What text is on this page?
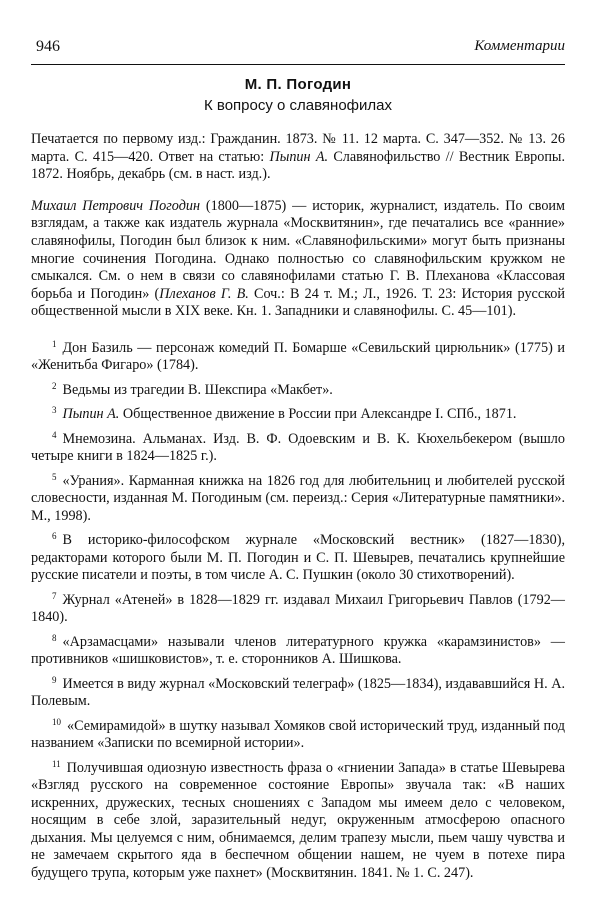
946	Комментарии
М. П. Погодин
К вопросу о славянофилах
Печатается по первому изд.: Гражданин. 1873. № 11. 12 марта. С. 347—352. № 13. 26 марта. С. 415—420. Ответ на статью: Пыпин А. Славянофильство // Вестник Европы. 1872. Ноябрь, декабрь (см. в наст. изд.).
Михаил Петрович Погодин (1800—1875) — историк, журналист, издатель. По своим взглядам, а также как издатель журнала «Москвитянин», где печатались все «ранние» славянофилы, Погодин был близок к ним. «Славянофильскими» могут быть признаны многие сочинения Погодина. Однако полностью со славянофильским кружком не смыкался. См. о нем в связи со славянофилами статью Г. В. Плеханова «Классовая борьба и Погодин» (Плеханов Г. В. Соч.: В 24 т. М.; Л., 1926. Т. 23: История русской общественной мысли в XIX веке. Кн. 1. Западники и славянофилы. С. 45—101).
$^1$ Дон Базиль — персонаж комедий П. Бомарше «Севильский цирюльник» (1775) и «Женитьба Фигаро» (1784).
$^2$ Ведьмы из трагедии В. Шекспира «Макбет».
$^3$ Пыпин А. Общественное движение в России при Александре I. СПб., 1871.
$^4$ Мнемозина. Альманах. Изд. В. Ф. Одоевским и В. К. Кюхельбекером (вышло четыре книги в 1824—1825 г.).
$^5$ «Урания». Карманная книжка на 1826 год для любительниц и любителей русской словесности, изданная М. Погодиным (см. переизд.: Серия «Литературные памятники». М., 1998).
$^6$ В историко-философском журнале «Московский вестник» (1827—1830), редакторами которого были М. П. Погодин и С. П. Шевырев, печатались крупнейшие русские писатели и поэты, в том числе А. С. Пушкин (около 30 стихотворений).
$^7$ Журнал «Атеней» в 1828—1829 гг. издавал Михаил Григорьевич Павлов (1792—1840).
$^8$ «Арзамасцами» называли членов литературного кружка «карамзинистов» — противников «шишковистов», т. е. сторонников А. Шишкова.
$^9$ Имеется в виду журнал «Московский телеграф» (1825—1834), издававшийся Н. А. Полевым.
$^{10}$ «Семирамидой» в шутку называл Хомяков свой исторический труд, изданный под названием «Записки по всемирной истории».
$^{11}$ Получившая одиозную известность фраза о «гниении Запада» в статье Шевырева «Взгляд русского на современное состояние Европы» звучала так: «В наших искренних, дружеских, тесных сношениях с Западом мы имеем дело с человеком, носящим в себе злой, заразительный недуг, окруженным атмосферою опасного дыхания. Мы целуемся с ним, обнимаемся, делим трапезу мысли, пьем чашу чувства и не замечаем скрытого яда в беспечном общении нашем, не чуем в потехе пира будущего трупа, которым уже пахнет» (Москвитянин. 1841. № 1. С. 247).
